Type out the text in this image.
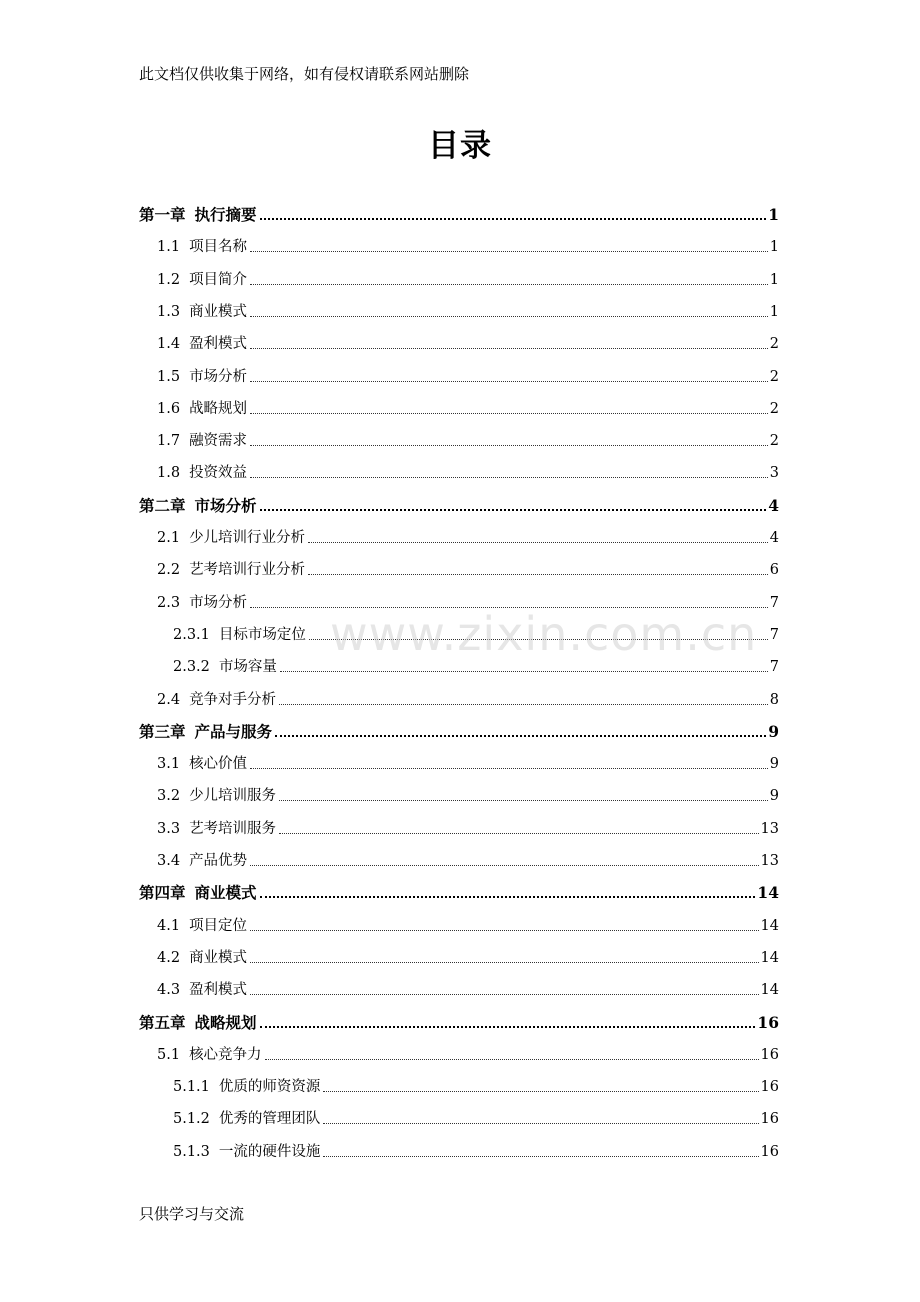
此文档仅供收集于网络，如有侵权请联系网站删除
目录
第一章 执行摘要	1
1.1 项目名称	1
1.2 项目简介	1
1.3 商业模式	1
1.4 盈利模式	2
1.5 市场分析	2
1.6 战略规划	2
1.7 融资需求	2
1.8 投资效益	3
第二章 市场分析	4
2.1 少儿培训行业分析	4
2.2 艺考培训行业分析	6
2.3 市场分析	7
2.3.1 目标市场定位	7
2.3.2 市场容量	7
2.4 竞争对手分析	8
第三章 产品与服务	9
3.1 核心价值	9
3.2 少儿培训服务	9
3.3 艺考培训服务	13
3.4 产品优势	13
第四章 商业模式	14
4.1 项目定位	14
4.2 商业模式	14
4.3 盈利模式	14
第五章 战略规划	16
5.1 核心竞争力	16
5.1.1 优质的师资资源	16
5.1.2 优秀的管理团队	16
5.1.3 一流的硬件设施	16
www.zixin.com.cn
只供学习与交流
